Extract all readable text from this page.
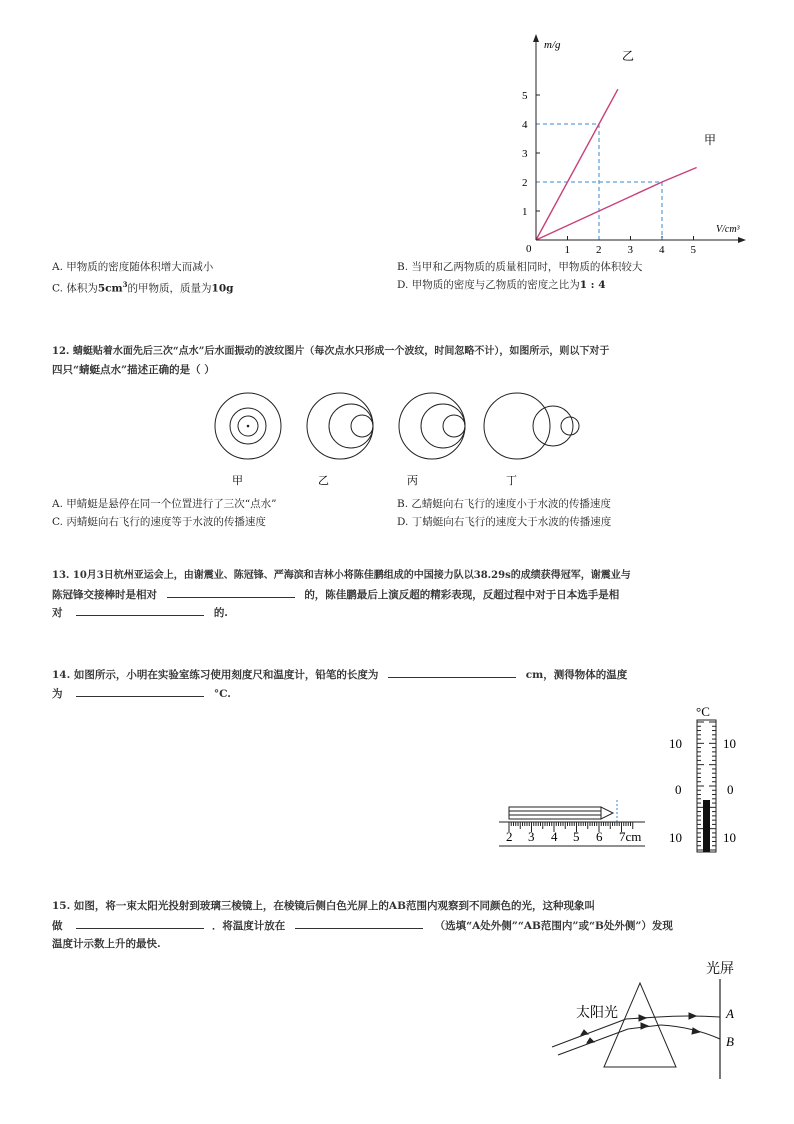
1
2
3
4
5
1 2 3 4 5
m/g
V/cm³
0
乙
甲
A. 甲物质的密度随体积增大而减小	B. 当甲和乙两物质的质量相同时，甲物质的体积较大
C. 体积为$5cm^3$的甲物质，质量为10g	D. 甲物质的密度与乙物质的密度之比为1 : 4
12. 蜻蜓贴着水面先后三次“点水”后水面振动的波纹图片（每次点水只形成一个波纹，时间忽略不计），如图所示，则以下对于
四只“蜻蜓点水”描述正确的是（ ）
甲	乙	丙	丁
A. 甲蜻蜓是悬停在同一个位置进行了三次“点水”	B. 乙蜻蜓向右飞行的速度小于水波的传播速度
C. 丙蜻蜓向右飞行的速度等于水波的传播速度	D. 丁蜻蜓向右飞行的速度大于水波的传播速度
13. 10月3日杭州亚运会上，由谢震业、陈冠锋、严海滨和吉林小将陈佳鹏组成的中国接力队以38.29s的成绩获得冠军，谢震业与
陈冠锋交接棒时是相对	的，陈佳鹏最后上演反超的精彩表现，反超过程中对于日本选手是相
对	的.
14. 如图所示，小明在实验室练习使用刻度尺和温度计，铅笔的长度为	cm，测得物体的温度
为	°C.
2 3 4 5 6 7cm
°C
10
0
10
10
0
10
15. 如图，将一束太阳光投射到玻璃三棱镜上，在棱镜后侧白色光屏上的AB范围内观察到不同颜色的光，这种现象叫
做	．将温度计放在	（选填“A处外侧”“AB范围内”或“B处外侧”）发现
温度计示数上升的最快.
光屏
太阳光	A
B
